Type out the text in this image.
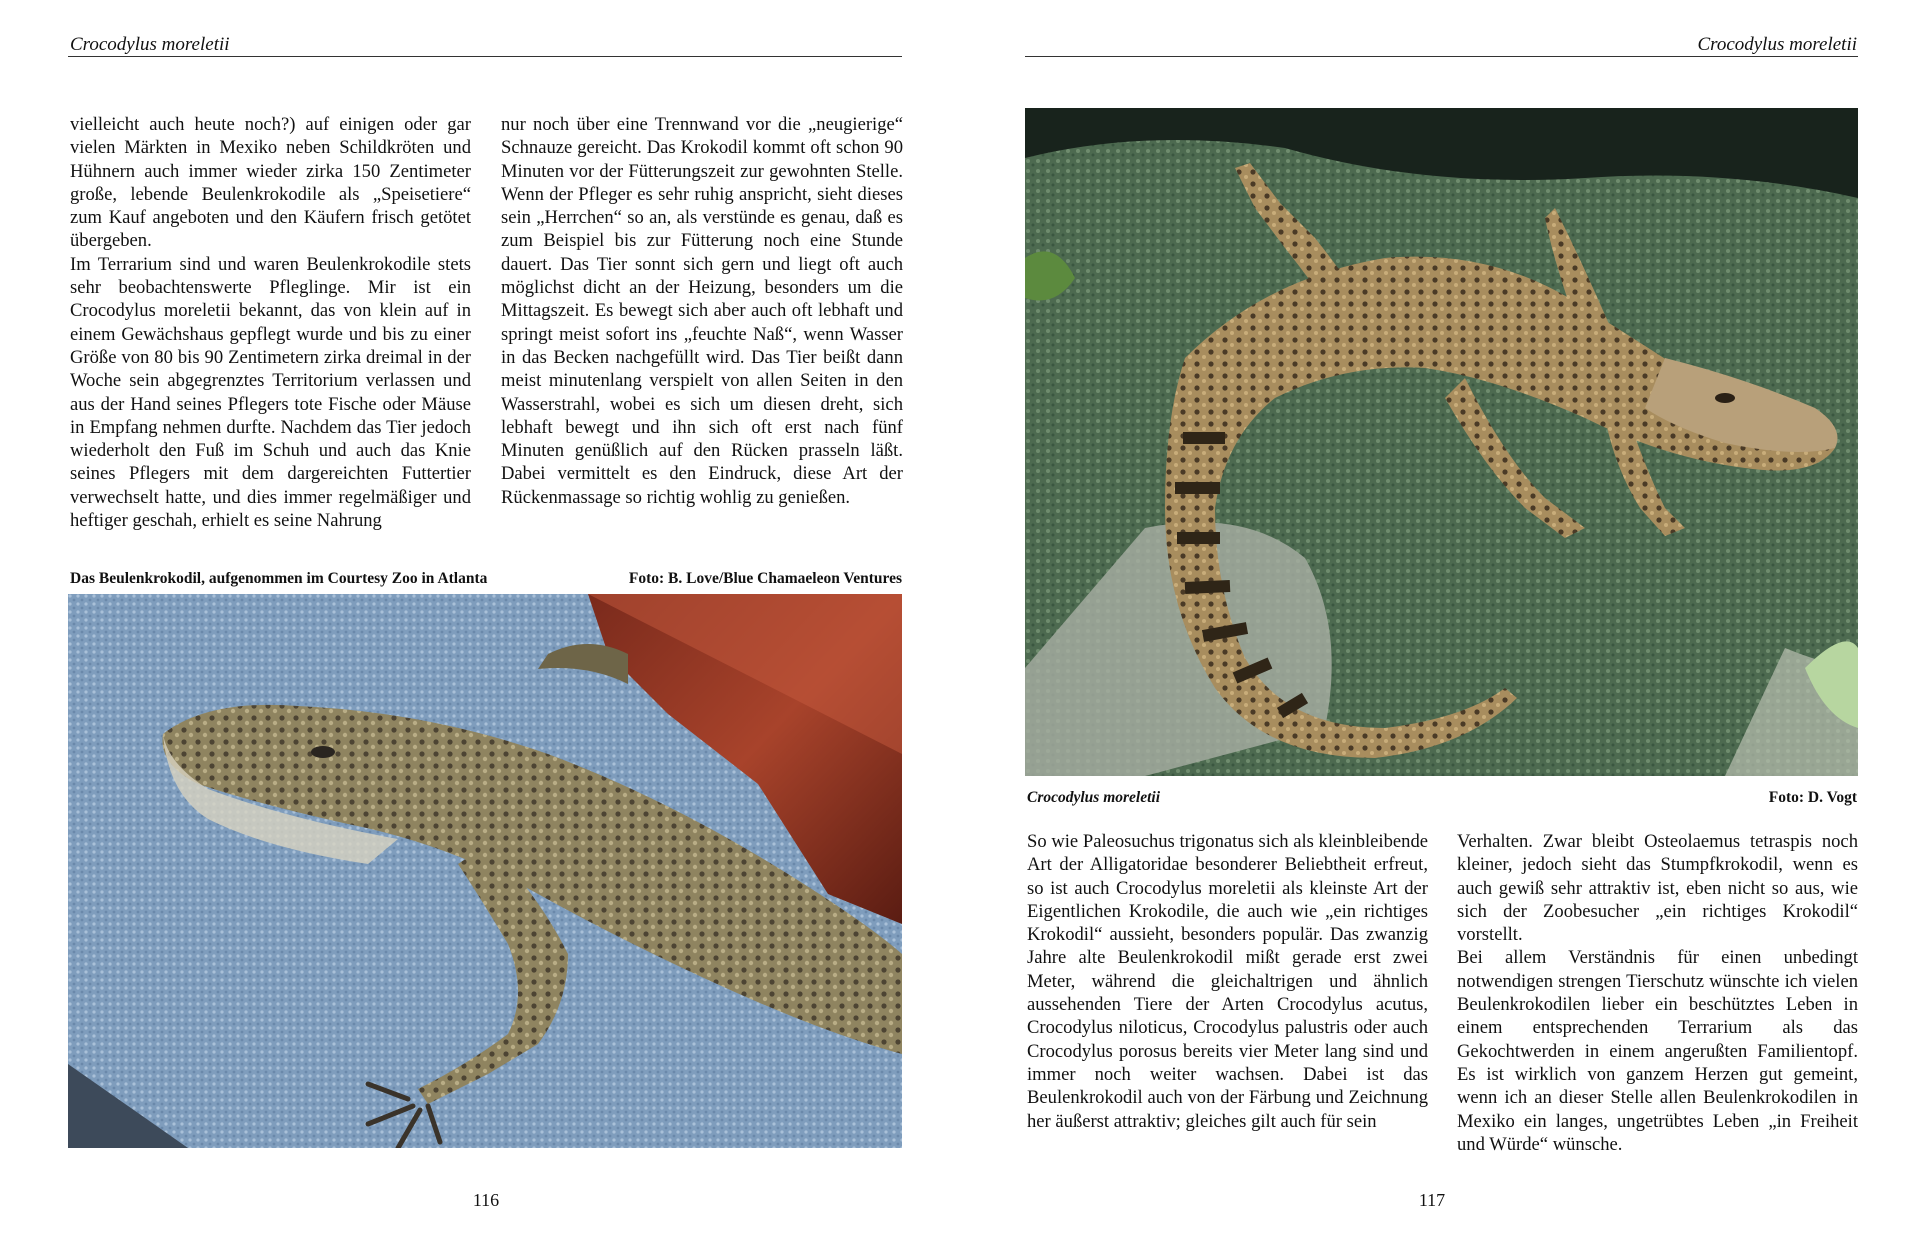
Crocodylus moreletii

vielleicht auch heute noch?) auf einigen oder gar vielen Märkten in Mexiko neben Schildkröten und Hühnern auch immer wieder zirka 150 Zentimeter große, lebende Beulenkrokodile als „Speisetiere“ zum Kauf angeboten und den Käufern frisch getötet übergeben.

Im Terrarium sind und waren Beulenkrokodile stets sehr beobachtenswerte Pfleglinge. Mir ist ein Crocodylus moreletii bekannt, das von klein auf in einem Gewächshaus gepflegt wurde und bis zu einer Größe von 80 bis 90 Zentimetern zirka dreimal in der Woche sein abgegrenztes Territorium verlassen und aus der Hand seines Pflegers tote Fische oder Mäuse in Empfang nehmen durfte. Nachdem das Tier jedoch wiederholt den Fuß im Schuh und auch das Knie seines Pflegers mit dem dargereichten Futtertier verwechselt hatte, und dies immer regelmäßiger und heftiger geschah, erhielt es seine Nahrung

nur noch über eine Trennwand vor die „neugierige“ Schnauze gereicht. Das Krokodil kommt oft schon 90 Minuten vor der Fütterungszeit zur gewohnten Stelle. Wenn der Pfleger es sehr ruhig anspricht, sieht dieses sein „Herrchen“ so an, als verstünde es genau, daß es zum Beispiel bis zur Fütterung noch eine Stunde dauert. Das Tier sonnt sich gern und liegt oft auch möglichst dicht an der Heizung, besonders um die Mittagszeit. Es bewegt sich aber auch oft lebhaft und springt meist sofort ins „feuchte Naß“, wenn Wasser in das Becken nachgefüllt wird. Das Tier beißt dann meist minutenlang verspielt von allen Seiten in den Wasserstrahl, wobei es sich um diesen dreht, sich lebhaft bewegt und ihn sich oft erst nach fünf Minuten genüßlich auf den Rücken prasseln läßt. Dabei vermittelt es den Eindruck, diese Art der Rückenmassage so richtig wohlig zu genießen.

Das Beulenkrokodil, aufgenommen im Courtesy Zoo in Atlanta	Foto: B. Love/Blue Chamaeleon Ventures
116
Crocodylus moreletii
Crocodylus moreletii	Foto: D. Vogt

So wie Paleosuchus trigonatus sich als kleinbleibende Art der Alligatoridae besonderer Beliebtheit erfreut, so ist auch Crocodylus moreletii als kleinste Art der Eigentlichen Krokodile, die auch wie „ein richtiges Krokodil“ aussieht, besonders populär. Das zwanzig Jahre alte Beulenkrokodil mißt gerade erst zwei Meter, während die gleichaltrigen und ähnlich aussehenden Tiere der Arten Crocodylus acutus, Crocodylus niloticus, Crocodylus palustris oder auch Crocodylus porosus bereits vier Meter lang sind und immer noch weiter wachsen. Dabei ist das Beulenkrokodil auch von der Färbung und Zeichnung her äußerst attraktiv; gleiches gilt auch für sein

Verhalten. Zwar bleibt Osteolaemus tetraspis noch kleiner, jedoch sieht das Stumpfkrokodil, wenn es auch gewiß sehr attraktiv ist, eben nicht so aus, wie sich der Zoobesucher „ein richtiges Krokodil“ vorstellt.

Bei allem Verständnis für einen unbedingt notwendigen strengen Tierschutz wünschte ich vielen Beulenkrokodilen lieber ein beschütztes Leben in einem entsprechenden Terrarium als das Gekochtwerden in einem angerußten Familientopf. Es ist wirklich von ganzem Herzen gut gemeint, wenn ich an dieser Stelle allen Beulenkrokodilen in Mexiko ein langes, ungetrübtes Leben „in Freiheit und Würde“ wünsche.

117
